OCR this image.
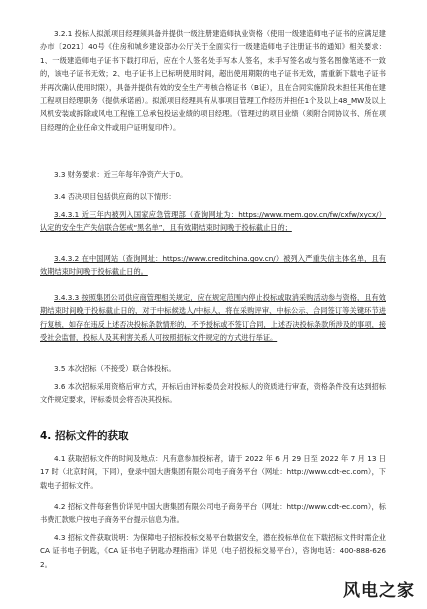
3.2.1 投标人拟派项目经理须具备并提供一级注册建造师执业资格（使用一级建造师电子证书的应满足建办市〔2021〕40号《住房和城乡建设部办公厅关于全面实行一级建造师电子注册证书的通知》相关要求：1、一级建造师电子证书下载打印后，应在个人签名处手写本人签名，未手写签名或与签名图像笔迹不一致的，该电子证书无效；2、电子证书上已标明使用时间，超出使用期限的电子证书无效，需重新下载电子证书并再次确认使用时限），具备并提供有效的安全生产考核合格证书（B证），且在合同实施阶段未担任其他在建工程项目经理职务（提供承诺函）。拟派项目经理具有从事项目管理工作经历并担任1个及以上48_MW及以上风机安装或拆除或风电工程施工总承包投运业绩的项目经理。（管理过的项目业绩（须附合同协议书、所在项目经理的企业任命文件或用户证明复印件）。

3.3 财务要求：近三年每年净资产大于0。

3.4 否决项目包括供应商的以下情形：

3.4.3.1 近三年内被列入国家应急管理部（查询网址为：https://www.mem.gov.cn/fw/cxfw/xycx/）认定的安全生产失信联合惩戒“黑名单”，且有效期结束时间晚于投标截止日的；

3.4.3.2 在中国网站（查询网址：https://www.creditchina.gov.cn/）被列入严重失信主体名单，且有效期结束时间晚于投标截止日的。

3.4.3.3 按照集团公司供应商管理相关规定，应在规定范围内停止投标或取消采购活动参与资格，且有效期结束时间晚于投标截止日的，对于中标候选人/中标人，将在采购评审、中标公示、合同签订等关键环节进行复核，如存在违反上述否决投标条款情形的，不予授标或不签订合同，上述否决投标条款所涉及的事项，接受社会监督，投标人及其利害关系人可按照招标文件规定的方式进行举证。

3.5 本次招标（不接受）联合体投标。

3.6 本次招标采用资格后审方式，开标后由评标委员会对投标人的资质进行审查，资格条件没有达到招标文件规定要求，评标委员会将否决其投标。

4. 招标文件的获取

4.1 获取招标文件的时间及地点：凡有意参加投标者，请于 2022 年 6 月 29 日至 2022 年 7 月 13 日 17 时（北京时间，下同），登录中国大唐集团有限公司电子商务平台（网址：http://www.cdt-ec.com），下载电子招标文件。

4.2 招标文件每套售价详见中国大唐集团有限公司电子商务平台（网址：http://www.cdt-ec.com），标书费汇款账户按电子商务平台提示信息为准。

4.3 招标文件获取说明：为保障电子招标投标交易平台数据安全，潜在投标单位在下载招标文件时需企业 CA 证书电子钥匙，《CA 证书电子钥匙办理指南》详见（电子招投标交易平台），咨询电话：400-888-6262。

风电之家
